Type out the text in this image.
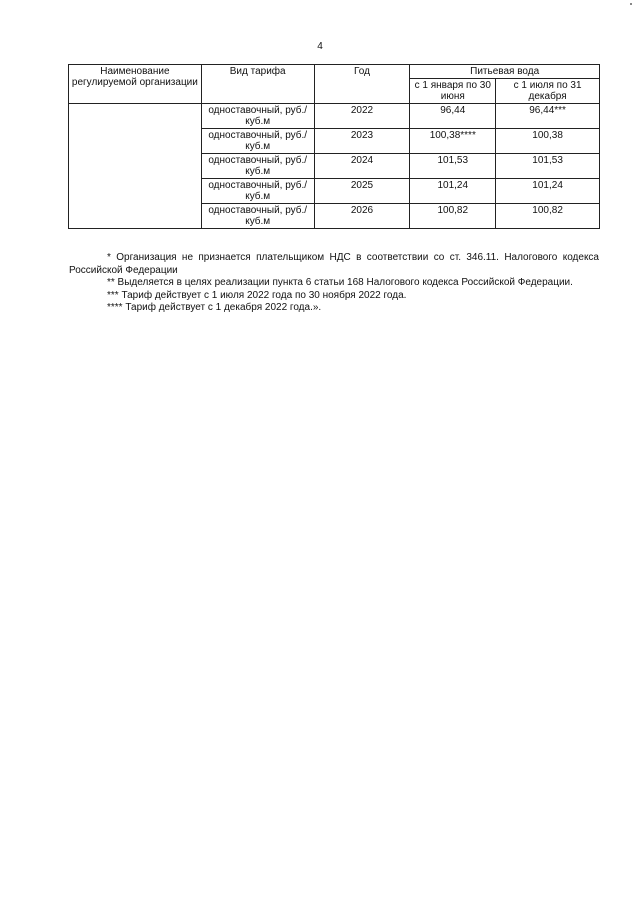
4
Наименование регулируемой организации	Вид тарифа	Год	Питьевая вода	
			с 1 января по 30 июня	с 1 июля по 31 декабря
	одноставочный, руб./куб.м	2022	96,44	96,44***
	одноставочный, руб./куб.м	2023	100,38****	100,38
	одноставочный, руб./куб.м	2024	101,53	101,53
	одноставочный, руб./куб.м	2025	101,24	101,24
	одноставочный, руб./куб.м	2026	100,82	100,82

* Организация не признается плательщиком НДС в соответствии со ст. 346.11. Налогового кодекса Российской Федерации

** Выделяется в целях реализации пункта 6 статьи 168 Налогового кодекса Российской Федерации.

*** Тариф действует с 1 июля 2022 года по 30 ноября 2022 года.

**** Тариф действует с 1 декабря 2022 года.».
